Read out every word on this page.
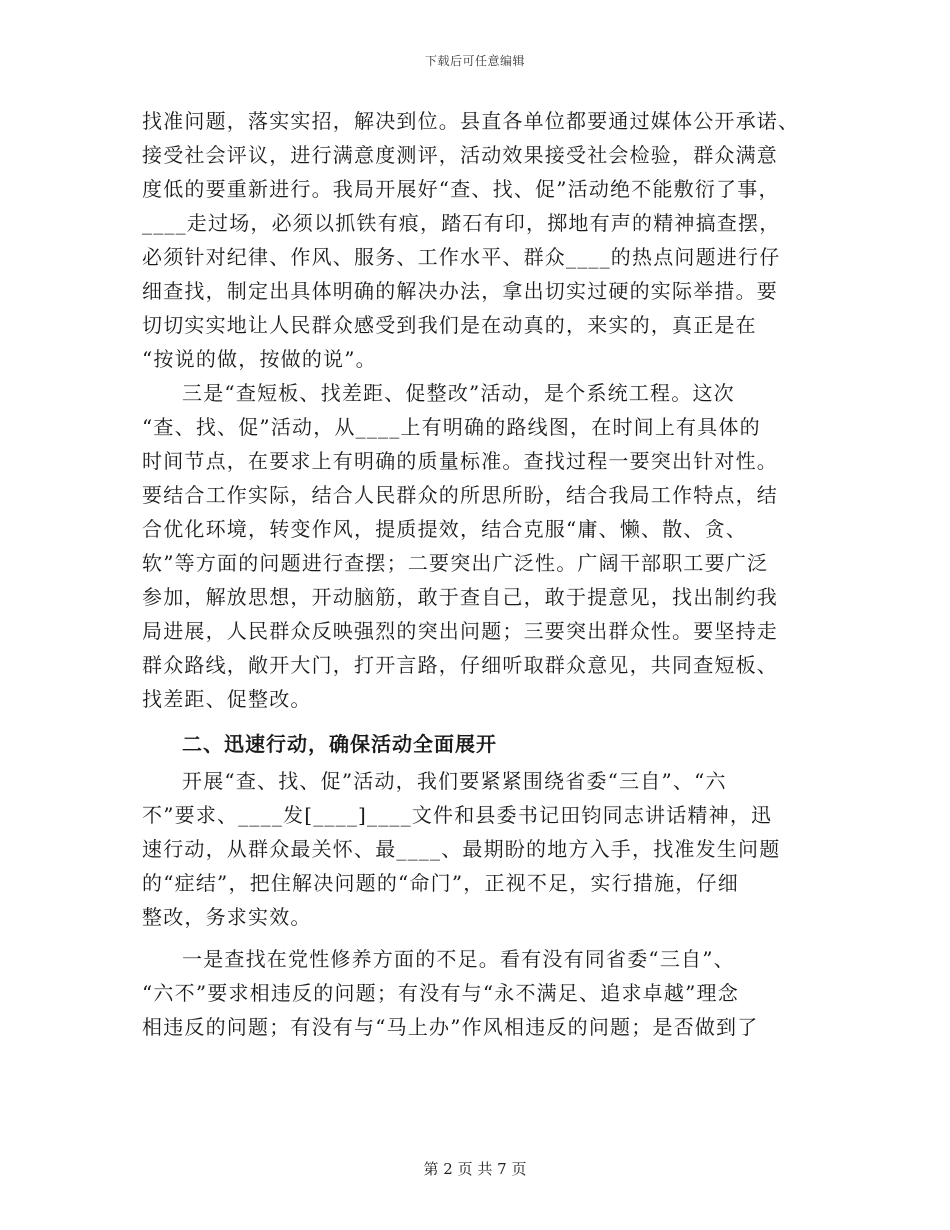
下载后可任意编辑
找准问题，落实实招，解决到位。县直各单位都要通过媒体公开承诺、
接受社会评议，进行满意度测评，活动效果接受社会检验，群众满意
度低的要重新进行。我局开展好“查、找、促”活动绝不能敷衍了事，
____走过场，必须以抓铁有痕，踏石有印，掷地有声的精神搞查摆，
必须针对纪律、作风、服务、工作水平、群众____的热点问题进行仔
细查找，制定出具体明确的解决办法，拿出切实过硬的实际举措。要
切切实实地让人民群众感受到我们是在动真的，来实的，真正是在
“按说的做，按做的说”。
三是“查短板、找差距、促整改”活动，是个系统工程。这次
“查、找、促”活动，从____上有明确的路线图，在时间上有具体的
时间节点，在要求上有明确的质量标准。查找过程一要突出针对性。
要结合工作实际，结合人民群众的所思所盼，结合我局工作特点，结
合优化环境，转变作风，提质提效，结合克服“庸、懒、散、贪、
软”等方面的问题进行查摆；二要突出广泛性。广阔干部职工要广泛
参加，解放思想，开动脑筋，敢于查自己，敢于提意见，找出制约我
局进展，人民群众反映强烈的突出问题；三要突出群众性。要坚持走
群众路线，敞开大门，打开言路，仔细听取群众意见，共同查短板、
找差距、促整改。
二、迅速行动，确保活动全面展开
开展“查、找、促”活动，我们要紧紧围绕省委“三自”、“六
不”要求、____发[____]____文件和县委书记田钧同志讲话精神，迅
速行动，从群众最关怀、最____、最期盼的地方入手，找准发生问题
的“症结”，把住解决问题的“命门”，正视不足，实行措施，仔细
整改，务求实效。
一是查找在党性修养方面的不足。看有没有同省委“三自”、
“六不”要求相违反的问题；有没有与“永不满足、追求卓越”理念
相违反的问题；有没有与“马上办”作风相违反的问题；是否做到了
第 2 页 共 7 页
